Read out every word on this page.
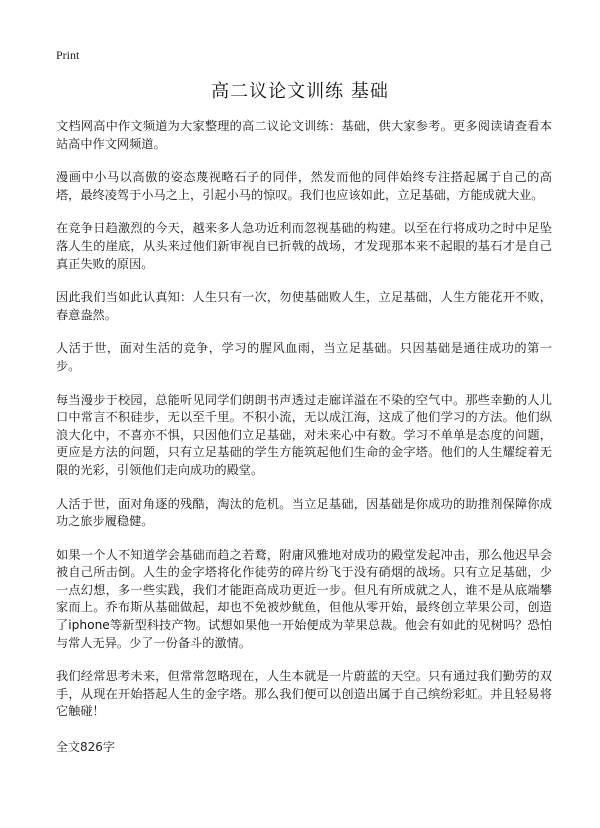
Print
高二议论文训练 基础

文档网高中作文频道为大家整理的高二议论文训练：基础，供大家参考。更多阅读请查看本站高中作文网频道。

漫画中小马以高傲的姿态蔑视略石子的同伴，然发而他的同伴始终专注搭起属于自己的高塔，最终凌驾于小马之上，引起小马的惊叹。我们也应该如此，立足基础，方能成就大业。

在竞争日趋激烈的今天，越来多人急功近利而忽视基础的构建。以至在行将成功之时中足坠落人生的崖底，从头来过他们新审视自已折戟的战场，才发现那本来不起眼的基石才是自己真正失败的原因。

因此我们当如此认真知：人生只有一次，勿使基础败人生，立足基础，人生方能花开不败，春意盎然。

人活于世，面对生活的竞争，学习的腥风血雨，当立足基础。只因基础是通往成功的第一步。

每当漫步于校园，总能听见同学们朗朗书声透过走廊详溢在不染的空气中。那些幸勤的人儿口中常言不积硅步，无以至千里。不积小流，无以成江海，这成了他们学习的方法。他们纵浪大化中，不喜亦不惧，只因他们立足基础，对未来心中有数。学习不单单是态度的问题，更应是方法的问题，只有立足基础的学生方能筑起他们生命的金字塔。他们的人生耀绽着无限的光彩，引领他们走向成功的殿堂。

人活于世，面对角逐的残酷，淘汰的危机。当立足基础，因基础是你成功的助推剂保障你成功之旅步履稳健。

如果一个人不知道学会基础而趋之若鹜，附庸风雅地对成功的殿堂发起冲击，那么他迟早会被自己所击倒。人生的金字塔将化作徒劳的碎片纷飞于没有硝烟的战场。只有立足基础，少一点幻想，多一些实践，我们才能距高成功更近一步。但凡有所成就之人，谁不是从底端攀家而上。乔布斯从基础做起，却也不免被炒鱿鱼，但他从零开始，最终创立苹果公司，创造了iphone等新型科技产物。试想如果他一开始便成为苹果总裁。他会有如此的见树吗？恐怕与常人无异。少了一份备斗的激情。

我们经常思考未来，但常常忽略现在，人生本就是一片蔚蓝的天空。只有通过我们勤劳的双手，从现在开始搭起人生的金字塔。那么我们便可以创造出属于自己缤纷彩虹。并且轻易将它触碰！

全文826字
